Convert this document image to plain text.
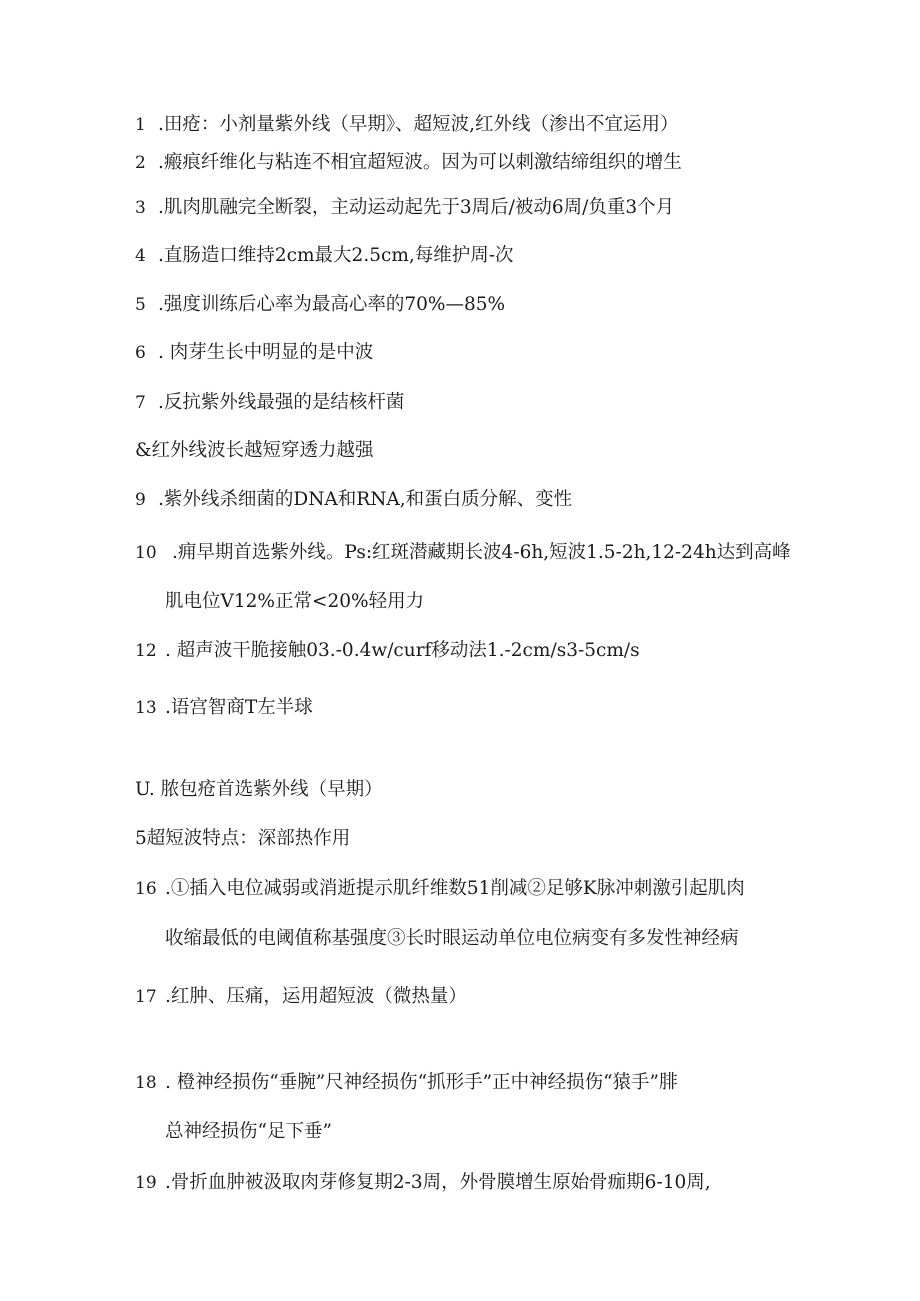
1 .田疮：小剂量紫外线（早期》、超短波,红外线（渗出不宜运用）
2 .瘢痕纤维化与粘连不相宜超短波。因为可以刺激结缔组织的增生
3 .肌肉肌融完全断裂，主动运动起先于3周后/被动6周/负重3个月
4 .直肠造口维持2cm最大2.5cm,每维护周-次
5 .强度训练后心率为最高心率的70%—85%
6 . 肉芽生长中明显的是中波
7 .反抗紫外线最强的是结核杆菌
&红外线波长越短穿透力越强
9 .紫外线杀细菌的DNA和RNA,和蛋白质分解、变性
10 .痈早期首选紫外线。Ps:红斑潜藏期长波4-6h,短波1.5-2h,12-24h达到高峰
肌电位V12%正常<20%轻用力
12 . 超声波干脆接触03.-0.4w/curf移动法1.-2cm∕s3-5cm∕s
13 .语宫智商T左半球
U. 脓包疮首选紫外线（早期）
5超短波特点：深部热作用
16 .①插入电位减弱或消逝提示肌纤维数51削减②足够K脉冲刺激引起肌肉
收缩最低的电阈值称基强度③长时眼运动单位电位病变有多发性神经病
17 .红肿、压痛，运用超短波（微热量）
18 . 橙神经损伤“垂腕”尺神经损伤“抓形手”正中神经损伤“猿手”腓
总神经损伤“足下垂”
19 .骨折血肿被汲取肉芽修复期2-3周，外骨膜增生原始骨痂期6-10周,
